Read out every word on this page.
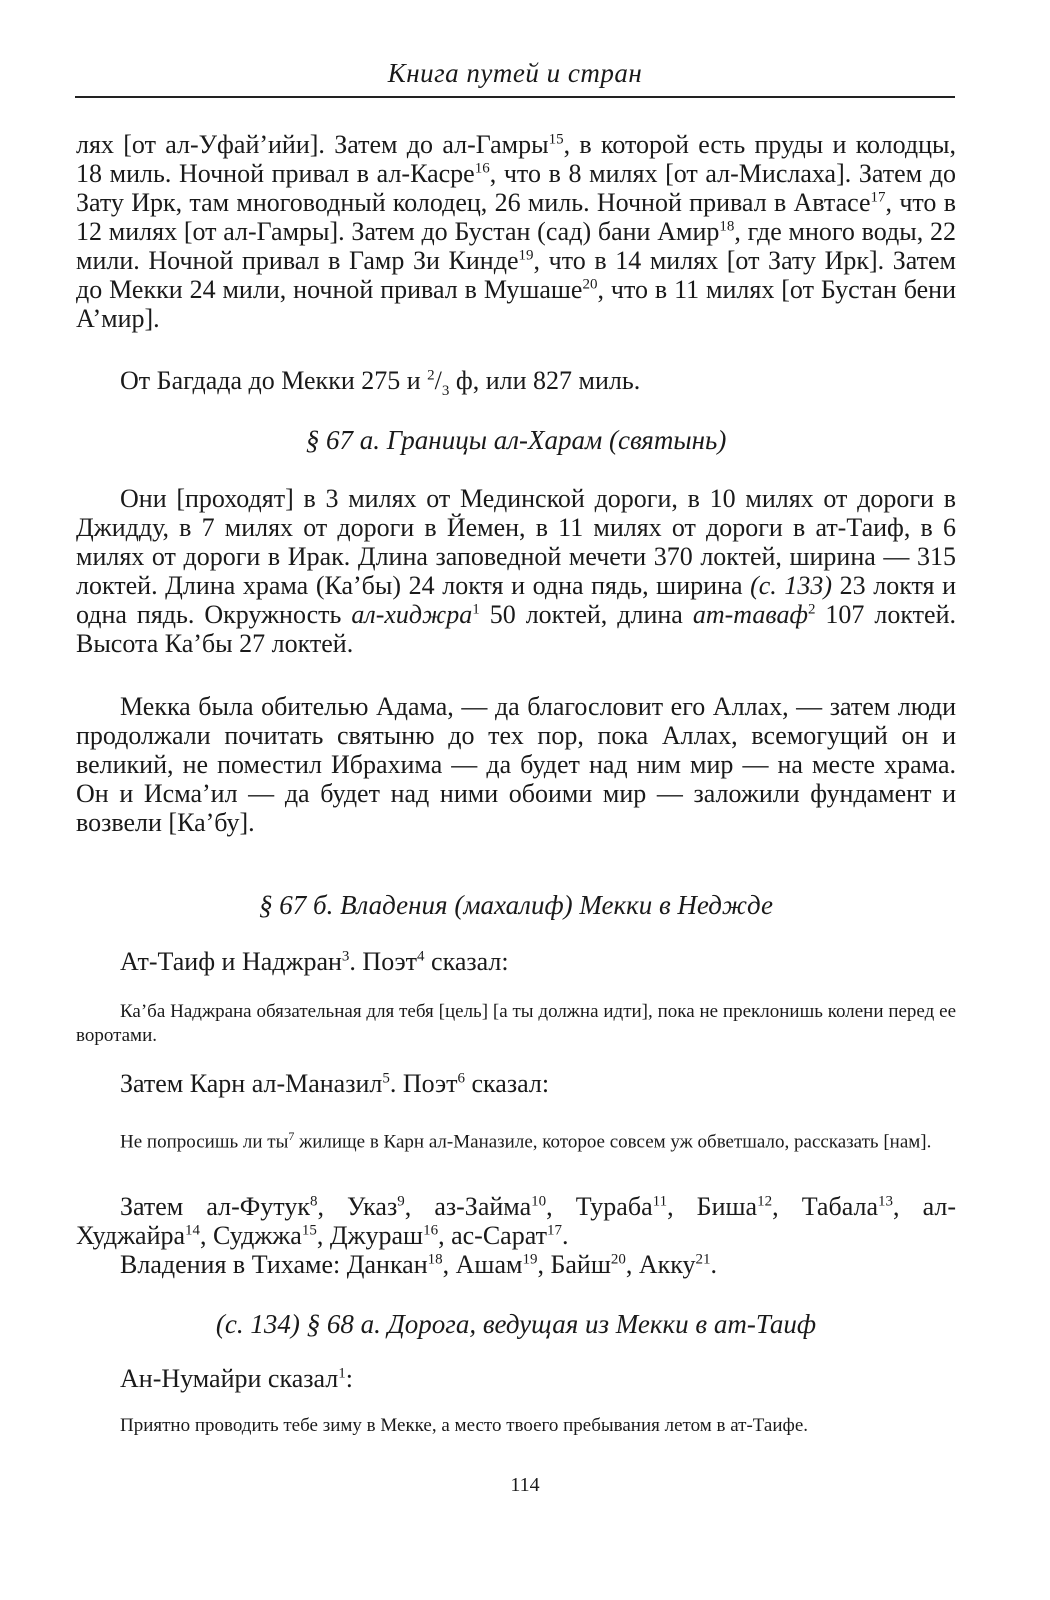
Книга путей и стран

лях [от ал-Уфай’ийи]. Затем до ал-Гамры$^{15}$, в которой есть пруды и колодцы, 18 миль. Ночной привал в ал-Касре$^{16}$, что в 8 милях [от ал-Мислаха]. Затем до Зату Ирк, там многоводный колодец, 26 миль. Ночной привал в Автасе$^{17}$, что в 12 милях [от ал-Гамры]. Затем до Бустан (сад) бани Амир$^{18}$, где много воды, 22 мили. Ночной привал в Гамр Зи Кинде$^{19}$, что в 14 милях [от Зату Ирк]. Затем до Мекки 24 мили, ночной привал в Мушаше$^{20}$, что в 11 милях [от Бустан бени А’мир].

От Багдада до Мекки 275 и $^2/_3$ ф, или 827 миль.

§ 67 а. Границы ал-Харам (святынь)

Они [проходят] в 3 милях от Мединской дороги, в 10 милях от дороги в Джидду, в 7 милях от дороги в Йемен, в 11 милях от дороги в ат-Таиф, в 6 милях от дороги в Ирак. Длина заповедной мечети 370 локтей, ширина — 315 локтей. Длина храма (Ка’бы) 24 локтя и одна пядь, ширина (с. 133) 23 локтя и одна пядь. Окружность ал-хиджра$^1$ 50 локтей, длина ат-таваф$^2$ 107 локтей. Высота Ка’бы 27 локтей.

Мекка была обителью Адама, — да благословит его Аллах, — затем люди продолжали почитать святыню до тех пор, пока Аллах, всемогущий он и великий, не поместил Ибрахима — да будет над ним мир — на месте храма. Он и Исма’ил — да будет над ними обоими мир — заложили фундамент и возвели [Ка’бу].

§ 67 б. Владения (махалиф) Мекки в Неджде

Ат-Таиф и Наджран$^3$. Поэт$^4$ сказал:

Ка’ба Наджрана обязательная для тебя [цель] [а ты должна идти], пока не преклонишь колени перед ее воротами.

Затем Карн ал-Маназил$^5$. Поэт$^6$ сказал:

Не попросишь ли $ты^7$ жилище в Карн ал-Маназиле, которое совсем уж обветшало, рассказать [нам].

Затем ал-Футук$^8$, Указ$^9$, аз-Займа$^{10}$, Тураба$^{11}$, Биша$^{12}$, Табала$^{13}$, ал-Худжайра$^{14}$, Суджжа$^{15}$, Джураш$^{16}$, ас-Сарат$^{17}$.

Владения в Тихаме: Данкан$^{18}$, Ашам$^{19}$, Байш$^{20}$, Акку$^{21}$.

(с. 134) § 68 а. Дорога, ведущая из Мекки в ат-Таиф

Ан-Нумайри сказал$^1$:

Приятно проводить тебе зиму в Мекке, а место твоего пребывания летом в ат-Таифе.

114
